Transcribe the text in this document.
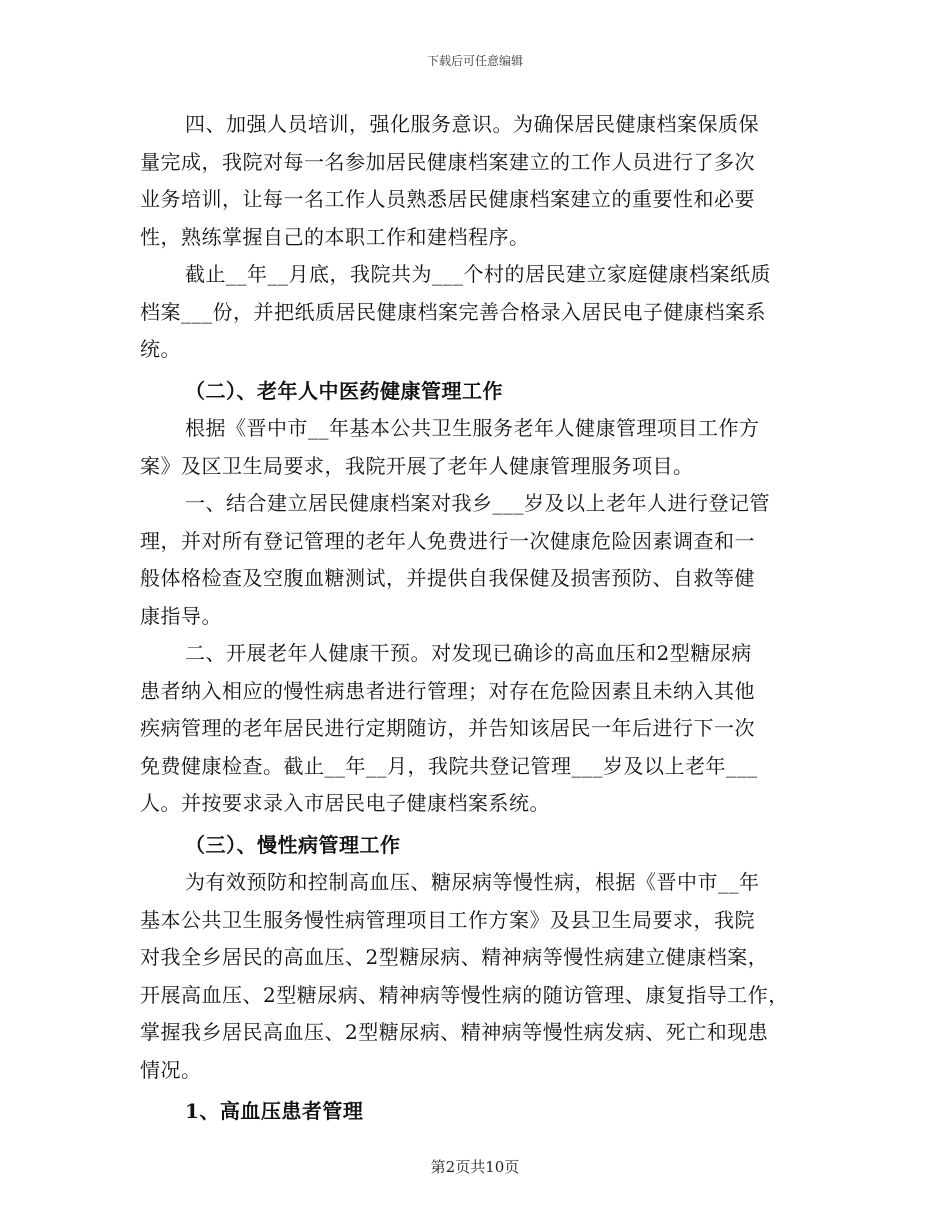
下载后可任意编辑
四、加强人员培训，强化服务意识。为确保居民健康档案保质保
量完成，我院对每一名参加居民健康档案建立的工作人员进行了多次
业务培训，让每一名工作人员熟悉居民健康档案建立的重要性和必要
性，熟练掌握自己的本职工作和建档程序。
截止__年__月底，我院共为___个村的居民建立家庭健康档案纸质
档案___份，并把纸质居民健康档案完善合格录入居民电子健康档案系
统。
（二）、老年人中医药健康管理工作
根据《晋中市__年基本公共卫生服务老年人健康管理项目工作方
案》及区卫生局要求，我院开展了老年人健康管理服务项目。
一、结合建立居民健康档案对我乡___岁及以上老年人进行登记管
理，并对所有登记管理的老年人免费进行一次健康危险因素调查和一
般体格检查及空腹血糖测试，并提供自我保健及损害预防、自救等健
康指导。
二、开展老年人健康干预。对发现已确诊的高血压和2型糖尿病
患者纳入相应的慢性病患者进行管理；对存在危险因素且未纳入其他
疾病管理的老年居民进行定期随访，并告知该居民一年后进行下一次
免费健康检查。截止__年__月，我院共登记管理___岁及以上老年___
人。并按要求录入市居民电子健康档案系统。
（三）、慢性病管理工作
为有效预防和控制高血压、糖尿病等慢性病，根据《晋中市__年
基本公共卫生服务慢性病管理项目工作方案》及县卫生局要求，我院
对我全乡居民的高血压、2型糖尿病、精神病等慢性病建立健康档案，
开展高血压、2型糖尿病、精神病等慢性病的随访管理、康复指导工作，
掌握我乡居民高血压、2型糖尿病、精神病等慢性病发病、死亡和现患
情况。
1、高血压患者管理
第2页共10页
